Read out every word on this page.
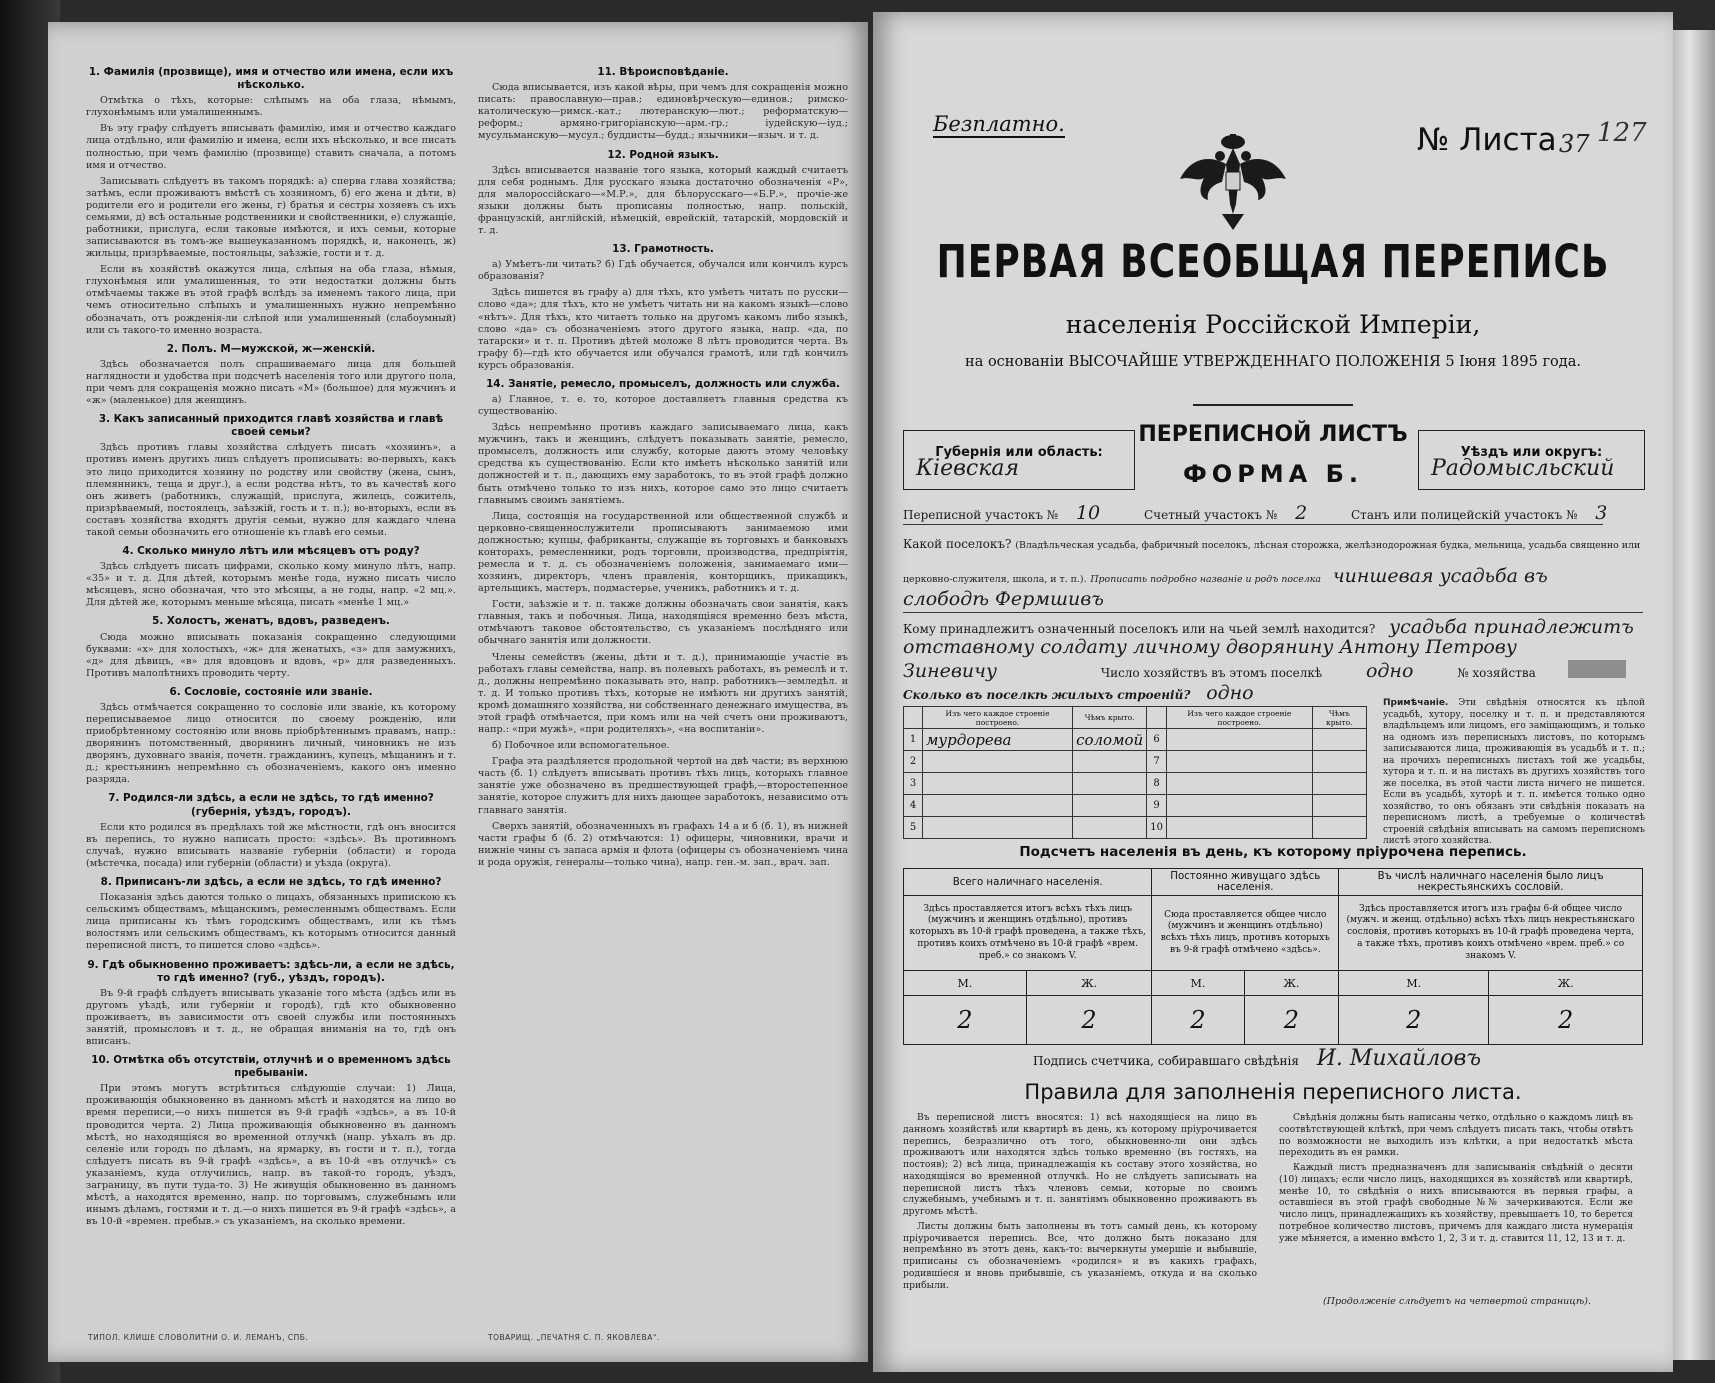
1. Фамилія (прозвище), имя и отчество или имена, если ихъ нѣсколько.

Отмѣтка о тѣхъ, которые: слѣпымъ на оба глаза, нѣмымъ, глухонѣмымъ или умалишеннымъ.

Въ эту графу слѣдуетъ вписывать фамилію, имя и отчество каждаго лица отдѣльно, или фамилію и имена, если ихъ нѣсколько, и все писать полностью, при чемъ фамилію (прозвище) ставить сначала, а потомъ имя и отчество.

Записывать слѣдуетъ въ такомъ порядкѣ: а) сперва глава хозяйства; затѣмъ, если проживаютъ вмѣстѣ съ хозяиномъ, б) его жена и дѣти, в) родители его и родители его жены, г) братья и сестры хозяевъ съ ихъ семьями, д) всѣ остальные родственники и свойственники, е) служащіе, работники, прислуга, если таковые имѣются, и ихъ семьи, которые записываются въ томъ-же вышеуказанномъ порядкѣ, и, наконецъ, ж) жильцы, призрѣваемые, постояльцы, заѣзжіе, гости и т. д.

Если въ хозяйствѣ окажутся лица, слѣпыя на оба глаза, нѣмыя, глухонѣмыя или умалишенныя, то эти недостатки должны быть отмѣчаемы также въ этой графѣ вслѣдъ за именемъ такого лица, при чемъ относительно слѣпыхъ и умалишенныхъ нужно непремѣнно обозначать, отъ рожденія-ли слѣпой или умалишенный (слабоумный) или съ такого-то именно возраста.

2. Полъ. М—мужской, ж—женскій.

Здѣсь обозначается полъ спрашиваемаго лица для большей наглядности и удобства при подсчетѣ населенія того или другого пола, при чемъ для сокращенія можно писать «М» (большое) для мужчинъ и «ж» (маленькое) для женщинъ.

3. Какъ записанный приходится главѣ хозяйства и главѣ своей семьи?

Здѣсь противъ главы хозяйства слѣдуетъ писать «хозяинъ», а противъ именъ другихъ лицъ слѣдуетъ прописывать: во-первыхъ, какъ это лицо приходится хозяину по родству или свойству (жена, сынъ, племянникъ, теща и друг.), а если родства нѣтъ, то въ качествѣ кого онъ живетъ (работникъ, служащій, прислуга, жилецъ, сожитель, призрѣваемый, постоялецъ, заѣзжій, гость и т. п.); во-вторыхъ, если въ составъ хозяйства входятъ другія семьи, нужно для каждаго члена такой семьи обозначить его отношеніе къ главѣ его семьи.

4. Сколько минуло лѣтъ или мѣсяцевъ отъ роду?

Здѣсь слѣдуетъ писать цифрами, сколько кому минуло лѣтъ, напр. «35» и т. д. Для дѣтей, которымъ менѣе года, нужно писать число мѣсяцевъ, ясно обозначая, что это мѣсяцы, а не годы, напр. «2 мц.». Для дѣтей же, которымъ меньше мѣсяца, писать «менѣе 1 мц.»

5. Холостъ, женатъ, вдовъ, разведенъ.

Сюда можно вписывать показанія сокращенно следующими буквами: «х» для холостыхъ, «ж» для женатыхъ, «з» для замужнихъ, «д» для дѣвицъ, «в» для вдовцовъ и вдовъ, «р» для разведенныхъ. Противъ малолѣтнихъ проводить черту.

6. Сословіе, состояніе или званіе.

Здѣсь отмѣчается сокращенно то сословіе или званіе, къ которому переписываемое лицо относится по своему рожденію, или приобрѣтенному состоянію или вновь пріобрѣтеннымъ правамъ, напр.: дворянинъ потомственный, дворянинъ личный, чиновникъ не изъ дворянъ, духовнаго званія, почетн. гражданинъ, купецъ, мѣщанинъ и т. д.; крестьянинъ непремѣнно съ обозначеніемъ, какого онъ именно разряда.

7. Родился-ли здѣсь, а если не здѣсь, то гдѣ именно? (губернія, уѣздъ, городъ).

Если кто родился въ предѣлахъ той же мѣстности, гдѣ онъ вносится въ перепись, то нужно написать просто: «здѣсь». Въ противномъ случаѣ, нужно вписывать названіе губерніи (области) и города (мѣстечка, посада) или губерніи (области) и уѣзда (округа).

8. Приписанъ-ли здѣсь, а если не здѣсь, то гдѣ именно?

Показанія здѣсь даются только о лицахъ, обязанныхъ припискою къ сельскимъ обществамъ, мѣщанскимъ, ремесленнымъ обществамъ. Если лица приписаны къ тѣмъ городскимъ обществамъ, или къ тѣмъ волостямъ или сельскимъ обществамъ, къ которымъ относится данный переписной листъ, то пишется слово «здѣсь».

9. Гдѣ обыкновенно проживаетъ: здѣсь-ли, а если не здѣсь, то гдѣ именно? (губ., уѣздъ, городъ).

Въ 9-й графѣ слѣдуетъ вписывать указаніе того мѣста (здѣсь или въ другомъ уѣздѣ, или губерніи и городѣ), гдѣ кто обыкновенно проживаетъ, въ зависимости отъ своей службы или постоянныхъ занятій, промысловъ и т. д., не обращая вниманія на то, гдѣ онъ вписанъ.

10. Отмѣтка объ отсутствіи, отлучнѣ и о временномъ здѣсь пребываніи.

При этомъ могутъ встрѣтиться слѣдующіе случаи: 1) Лица, проживающія обыкновенно въ данномъ мѣстѣ и находятся на лицо во время переписи,—о нихъ пишется въ 9-й графѣ «здѣсь», а въ 10-й проводится черта. 2) Лица проживающія обыкновенно въ данномъ мѣстѣ, но находящіяся во временной отлучкѣ (напр. уѣхалъ въ др. селеніе или городъ по дѣламъ, на ярмарку, въ гости и т. п.), тогда слѣдуетъ писать въ 9-й графѣ «здѣсь», а въ 10-й «въ отлучкѣ» съ указаніемъ, куда отлучились, напр. въ такой-то городъ, уѣздъ, заграницу, въ пути тудa-то. 3) Не живущія обыкновенно въ данномъ мѣстѣ, а находятся временно, напр. по торговымъ, служебнымъ или инымъ дѣламъ, гостями и т. д.—о нихъ пишется въ 9-й графѣ «здѣсь», а въ 10-й «времен. пребыв.» съ указаніемъ, на сколько времени.

11. Вѣроисповѣданіе.

Сюда вписывается, изъ какой вѣры, при чемъ для сокращенія можно писать: православную—прав.; единовѣрческую—единов.; римско-католическую—римск.-кат.; лютеранскую—лют.; реформатскую—реформ.; армяно-григоріанскую—арм.-гр.; іудейскую—іуд.; мусульманскую—мусул.; буддисты—будд.; язычники—языч. и т. д.

12. Родной языкъ.

Здѣсь вписывается названіе того языка, который каждый считаетъ для себя роднымъ. Для русскаго языка достаточно обозначенія «Р», для малороссійскаго—«М.Р.», для бѣлорусскаго—«Б.Р.», прочіе-же языки должны быть прописаны полностью, напр. польскій, французскій, англійскій, нѣмецкій, еврейскій, татарскій, мордовскій и т. д.

13. Грамотность.

а) Умѣетъ-ли читать? б) Гдѣ обучается, обучался или кончилъ курсъ образованія?

Здѣсь пишется въ графу а) для тѣхъ, кто умѣетъ читать по русски—слово «да»; для тѣхъ, кто не умѣетъ читать ни на какомъ языкѣ—слово «нѣтъ». Для тѣхъ, кто читаетъ только на другомъ какомъ либо языкѣ, слово «да» съ обозначеніемъ этого другого языка, напр. «да, по татарски» и т. п. Противъ дѣтей моложе 8 лѣтъ проводится черта. Въ графу б)—гдѣ кто обучается или обучался грамотѣ, или гдѣ кончилъ курсъ образованія.

14. Занятіе, ремесло, промыселъ, должность или служба.

а) Главное, т. е. то, которое доставляетъ главныя средства къ существованію.

Здѣсь непремѣнно противъ каждаго записываемаго лица, какъ мужчинъ, такъ и женщинъ, слѣдуетъ показывать занятіе, ремесло, промыселъ, должность или службу, которые даютъ этому человѣку средства къ существованію. Если кто имѣетъ нѣсколько занятій или должностей и т. п., дающихъ ему заработокъ, то въ этой графѣ должно быть отмѣчено только то изъ нихъ, которое само это лицо считаетъ главнымъ своимъ занятіемъ.

Лица, состоящія на государственной или общественной службѣ и церковно-священнослужители прописываютъ занимаемою ими должностью; купцы, фабриканты, служащіе въ торговыхъ и банковыхъ конторахъ, ремесленники, родъ торговли, производства, предпріятія, ремесла и т. д. съ обозначеніемъ положенія, занимаемаго ими—хозяинъ, директоръ, членъ правленія, конторщикъ, прикащикъ, артельщикъ, мастеръ, подмастерье, ученикъ, работникъ и т. д.

Гости, заѣзжіе и т. п. также должны обозначать свои занятія, какъ главныя, такъ и побочныя. Лица, находящіяся временно безъ мѣста, отмѣчаютъ таковое обстоятельство, съ указаніемъ послѣдняго или обычнаго занятія или должности.

Члены семействъ (жены, дѣти и т. д.), принимающіе участіе въ работахъ главы семейства, напр. въ полевыхъ работахъ, въ ремеслѣ и т. д., должны непремѣнно показывать это, напр. работникъ—земледѣл. и т. д. И только противъ тѣхъ, которые не имѣютъ ни другихъ занятій, кромѣ домашняго хозяйства, ни собственнаго денежнаго имущества, въ этой графѣ отмѣчается, при комъ или на чей счетъ они проживаютъ, напр.: «при мужѣ», «при родителяхъ», «на воспитаніи».

б) Побочное или вспомогательное.

Графа эта раздѣляется продольной чертой на двѣ части; въ верхнюю часть (б. 1) слѣдуетъ вписывать противъ тѣхъ лицъ, которыхъ главное занятіе уже обозначено въ предшествующей графѣ,—второстепенное занятіе, которое служитъ для нихъ дающее заработокъ, независимо отъ главнаго занятія.

Сверхъ занятій, обозначенныхъ въ графахъ 14 а и б (б. 1), въ нижней части графы б (б. 2) отмѣчаются: 1) офицеры, чиновники, врачи и нижніе чины съ запаса армія и флота (офицеры съ обозначеніемъ чина и рода оружія, генералы—только чина), напр. ген.-м. зап., врач. зап.

ТИПОЛ. КЛИШЕ СЛОВОЛИТНИ О. И. ЛЕМАНЪ, СПБ.	ТОВАРИЩ. „ПЕЧАТНЯ С. П. ЯКОВЛЕВА".
Безплатно.	№ Листа 37 127
ПЕРВАЯ ВСЕОБЩАЯ ПЕРЕПИСЬ
населенія Россійской Имперіи,
на основаніи ВЫСОЧАЙШЕ УТВЕРЖДЕННАГО ПОЛОЖЕНІЯ 5 Іюня 1895 года.
Губернія или область:
Кiевская
ПЕРЕПИСНОЙ ЛИСТЪ
ФОРМА Б.
Уѣздъ или округъ:
Радомысльский
Переписной участокъ № 10	Счетный участокъ № 2	Станъ или полицейскій участокъ № 3
Какой поселокъ? (Владѣльческая усадьба, фабричный поселокъ, лѣсная сторожка, желѣзнодорожная будка, мельница, усадьба священно или
церковно-служителя, школа, и т. п.). Прописать подробно названіе и родъ поселка чиншевая усадьба въ
слободѣ Фермшивъ
Кому принадлежитъ означенный поселокъ или на чьей землѣ находится? усадьба принадлежитъ
отставному солдату личному дворянину Антону Петрову
Зиневичу	Число хозяйствъ въ этомъ поселкѣ одно	№ хозяйства
Сколько въ поселкѣ жилыхъ строеній? одно
	Изъ чего каждое строеніе построено.	Чѣмъ крыто.		Изъ чего каждое строеніе построено.	Чѣмъ крыто.
1	мурдорева	соломой	6		
2			7		
3			8		
4			9		
5			10		
Примѣчаніе. Эти свѣдѣнія относятся къ цѣлой усадьбѣ, хутору, поселку и т. п. и представляются владѣльцемъ или лицомъ, его заміщающимъ, и только на одномъ изъ переписныхъ листовъ, по которымъ записываются лица, проживающія въ усадьбѣ и т. п.; на прочихъ переписныхъ листахъ той же усадьбы, хутора и т. п. и на листахъ въ другихъ хозяйствъ того же поселка, въ этой части листа ничего не пишется. Если въ усадьбѣ, хуторѣ и т. п. имѣется только одно хозяйство, то онъ обязанъ эти свѣдѣнія показать на переписномъ листѣ, а требуемые о количествѣ строеній свѣдѣнія вписывать на самомъ переписномъ листѣ этого хозяйства.
Подсчетъ населенія въ день, къ которому пріурочена перепись.
Всего наличнаго населенія.		Постоянно живущаго здѣсь населенія.		Въ числѣ наличнаго населенія было лицъ некрестьянскихъ сословій.	
Здѣсь проставляется итогъ всѣхъ тѣхъ лицъ (мужчинъ и женщинъ отдѣльно), противъ которыхъ въ 10-й графѣ проведена, а также тѣхъ, противъ коихъ отмѣчено въ 10-й графѣ «врем. преб.» со знакомъ V.		Сюда проставляется общее число (мужчинъ и женщинъ отдѣльно) всѣхъ тѣхъ лицъ, противъ которыхъ въ 9-й графѣ отмѣчено «здѣсь».		Здѣсь проставляется итогъ изъ графы 6-й общее число (мужч. и женщ. отдѣльно) всѣхъ тѣхъ лицъ некрестьянскаго сословія, противъ которыхъ въ 10-й графѣ проведена черта, а также тѣхъ, противъ коихъ отмѣчено «врем. преб.» со знакомъ V.	
М.	Ж.	М.	Ж.	М.	Ж.
2	2	2	2	2	2
Подпись счетчика, собиравшаго свѣдѣнія И. Михайловъ
Правила для заполненія переписного листа.

Въ переписной листъ вносятся: 1) всѣ находящіеся на лицо въ данномъ хозяйствѣ или квартирѣ въ день, къ которому пріурочивается перепись, безразлично отъ того, обыкновенно-ли они здѣсь проживаютъ или находятся здѣсь только временно (въ гостяхъ, на постояв); 2) всѣ лица, принадлежащія къ составу этого хозяйства, но находящіяся во временной отлучкѣ. Но не слѣдуетъ записывать на переписной листъ тѣхъ членовъ семьи, которые по своимъ служебнымъ, учебнымъ и т. п. занятіямъ обыкновенно проживаютъ въ другомъ мѣстѣ.

Листы должны быть заполнены въ тотъ самый день, къ которому пріурочивается перепись. Все, что должно быть показано для непремѣнно въ этотъ день, какъ-то: вычеркнуты умершіе и выбывшіе, приписаны съ обозначеніемъ «родился» и въ какихъ графахъ, родившіеся и вновь прибывшіе, съ указаніемъ, откуда и на сколько прибыли.

Свѣдѣнія должны быть написаны четко, отдѣльно о каждомъ лицѣ въ соотвѣтствующей клѣткѣ, при чемъ слѣдуетъ писать такъ, чтобы отвѣтъ по возможности не выходилъ изъ клѣтки, а при недостаткѣ мѣста переходить въ ея рамки.

Каждый листъ предназначенъ для записыванія свѣдѣній о десяти (10) лицахъ; если число лицъ, находящихся въ хозяйствѣ или квартирѣ, менѣе 10, то свѣдѣнія о нихъ вписываются въ первыя графы, а оставшіеся въ этой графѣ свободные №№ зачеркиваются. Если же число лицъ, принадлежащихъ къ хозяйству, превышаетъ 10, то берется потребное количество листовъ, причемъ для каждаго листа нумерація уже мѣняется, а именно вмѣсто 1, 2, 3 и т. д. ставится 11, 12, 13 и т. д.

(Продолженіе слѣдуетъ на четвертой страницѣ).
